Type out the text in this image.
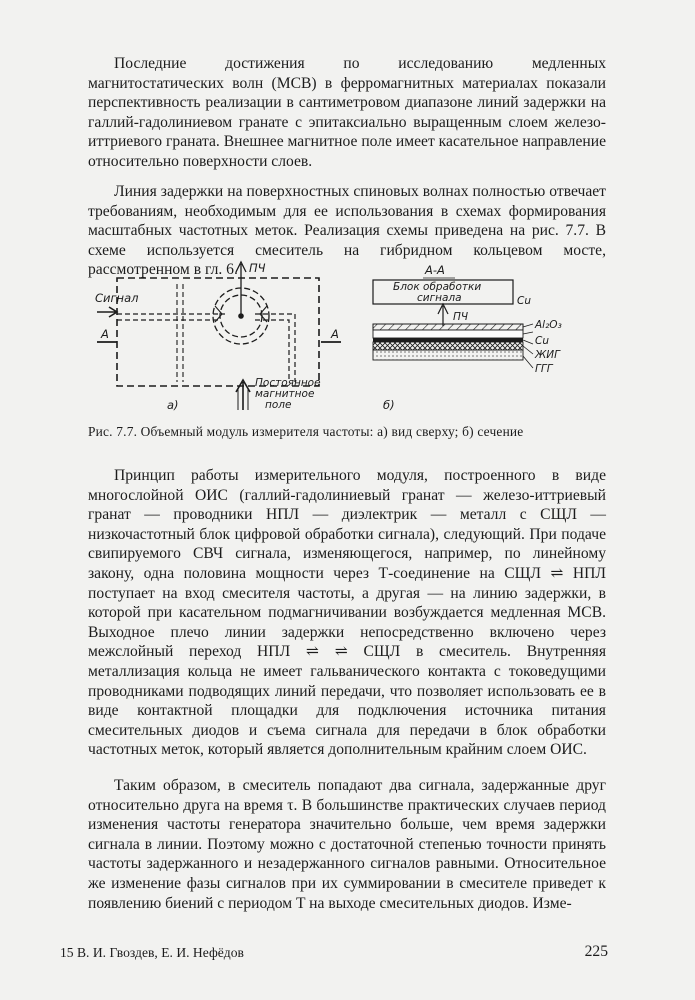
Последние достижения по исследованию медленных магнитостатических волн (МСВ) в ферромагнитных материалах показали перспективность реализации в сантиметровом диапазоне линий задержки на галлий-гадолиниевом гранате с эпитаксиально выращенным слоем железо-иттриевого граната. Внешнее магнитное поле имеет касательное направление относительно поверхности слоев.

Линия задержки на поверхностных спиновых волнах полностью отвечает требованиям, необходимым для ее использования в схемах формирования масштабных частотных меток. Реализация схемы приведена на рис. 7.7. В схеме используется смеситель на гибридном кольцевом мосте, рассмотренном в гл. 6.

Сигнал
A	A
ПЧ
Постоянное
магнитное
поле
а)
А-А
Блок обработки
сигнала	Cu
ПЧ
Al₂O₃
Cu
ЖИГ
ГГГ
б)
Рис. 7.7. Объемный модуль измерителя частоты: а) вид сверху; б) сечение

Принцип работы измерительного модуля, построенного в виде многослойной ОИС (галлий-гадолиниевый гранат — железо-иттриевый гранат — проводники НПЛ — диэлектрик — металл с СЩЛ — низкочастотный блок цифровой обработки сигнала), следующий. При подаче свипируемого СВЧ сигнала, изменяющегося, например, по линейному закону, одна половина мощности через Т-соединение на СЩЛ ⇌ НПЛ поступает на вход смесителя частоты, а другая — на линию задержки, в которой при касательном подмагничивании возбуждается медленная МСВ. Выходное плечо линии задержки непосредственно включено через межслойный переход НПЛ ⇌ ⇌ СЩЛ в смеситель. Внутренняя металлизация кольца не имеет гальванического контакта с токоведущими проводниками подводящих линий передачи, что позволяет использовать ее в виде контактной площадки для подключения источника питания смесительных диодов и съема сигнала для передачи в блок обработки частотных меток, который является дополнительным крайним слоем ОИС.

Таким образом, в смеситель попадают два сигнала, задержанные друг относительно друга на время τ. В большинстве практических случаев период изменения частоты генератора значительно больше, чем время задержки сигнала в линии. Поэтому можно с достаточной степенью точности принять частоты задержанного и незадержанного сигналов равными. Относительное же изменение фазы сигналов при их суммировании в смесителе приведет к появлению биений с периодом T на выходе смесительных диодов. Изме-

15 В. И. Гвоздев, Е. И. Нефёдов	225
